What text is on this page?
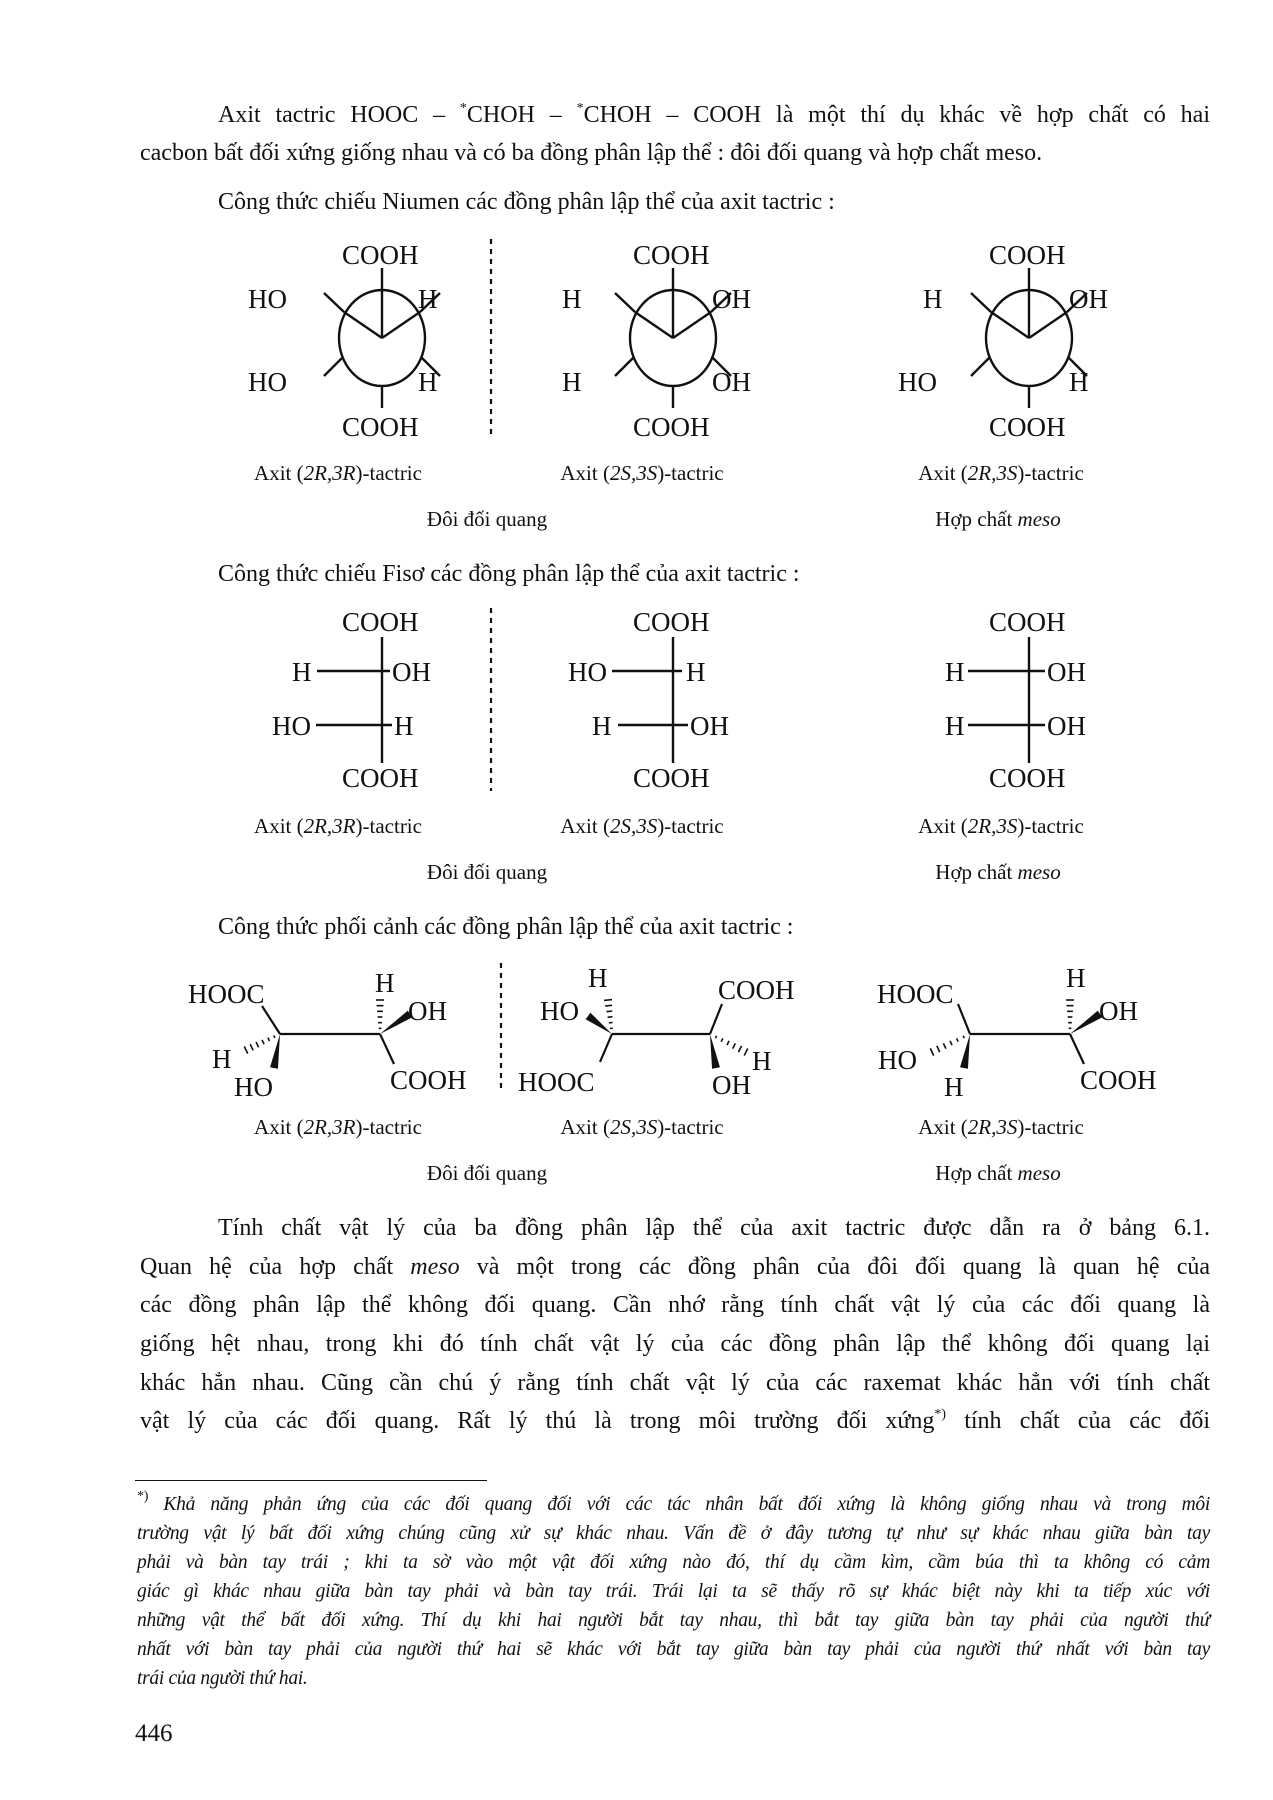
Axit tactric HOOC – *CHOH – *CHOH – COOH là một thí dụ khác về hợp chất có hai
cacbon bất đối xứng giống nhau và có ba đồng phân lập thể : đôi đối quang và hợp chất meso.
Công thức chiếu Niumen các đồng phân lập thể của axit tactric :
Công thức chiếu Fisơ các đồng phân lập thể của axit tactric :
Công thức phối cảnh các đồng phân lập thể của axit tactric :
COOH
COOH
HO	H
HO	H
COOH
COOH
H	OH
H	OH
COOH
COOH
H	OH
HO	H
COOH
H	OH
HO	H
COOH
COOH
HO	H
H	OH
COOH
COOH
H	OH
H	OH
COOH
HOOC	H
OH
H
HO	COOH
H
HO
COOH
HOOC
H
OH
HOOC
H
OH
HO
H	COOH
Axit (2R,3R)-tactric	Axit (2S,3S)-tactric	Axit (2R,3S)-tactric
Đôi đối quang	Hợp chất meso
Axit (2R,3R)-tactric	Axit (2S,3S)-tactric	Axit (2R,3S)-tactric
Đôi đối quang	Hợp chất meso
Axit (2R,3R)-tactric	Axit (2S,3S)-tactric	Axit (2R,3S)-tactric
Đôi đối quang	Hợp chất meso
Tính chất vật lý của ba đồng phân lập thể của axit tactric được dẫn ra ở bảng 6.1.
Quan hệ của hợp chất meso và một trong các đồng phân của đôi đối quang là quan hệ của
các đồng phân lập thể không đối quang. Cần nhớ rằng tính chất vật lý của các đối quang là
giống hệt nhau, trong khi đó tính chất vật lý của các đồng phân lập thể không đối quang lại
khác hẳn nhau. Cũng cần chú ý rằng tính chất vật lý của các raxemat khác hẳn với tính chất
vật lý của các đối quang. Rất lý thú là trong môi trường đối xứng*) tính chất của các đối
*) Khả năng phản ứng của các đối quang đối với các tác nhân bất đối xứng là không giống nhau và trong môi
trường vật lý bất đối xứng chúng cũng xử sự khác nhau. Vấn đề ở đây tương tự như sự khác nhau giữa bàn tay
phải và bàn tay trái ; khi ta sờ vào một vật đối xứng nào đó, thí dụ cầm kìm, cầm búa thì ta không có cảm
giác gì khác nhau giữa bàn tay phải và bàn tay trái. Trái lại ta sẽ thấy rõ sự khác biệt này khi ta tiếp xúc với
những vật thể bất đối xứng. Thí dụ khi hai người bắt tay nhau, thì bắt tay giữa bàn tay phải của người thứ
nhất với bàn tay phải của người thứ hai sẽ khác với bắt tay giữa bàn tay phải của người thứ nhất với bàn tay
trái của người thứ hai.
446
